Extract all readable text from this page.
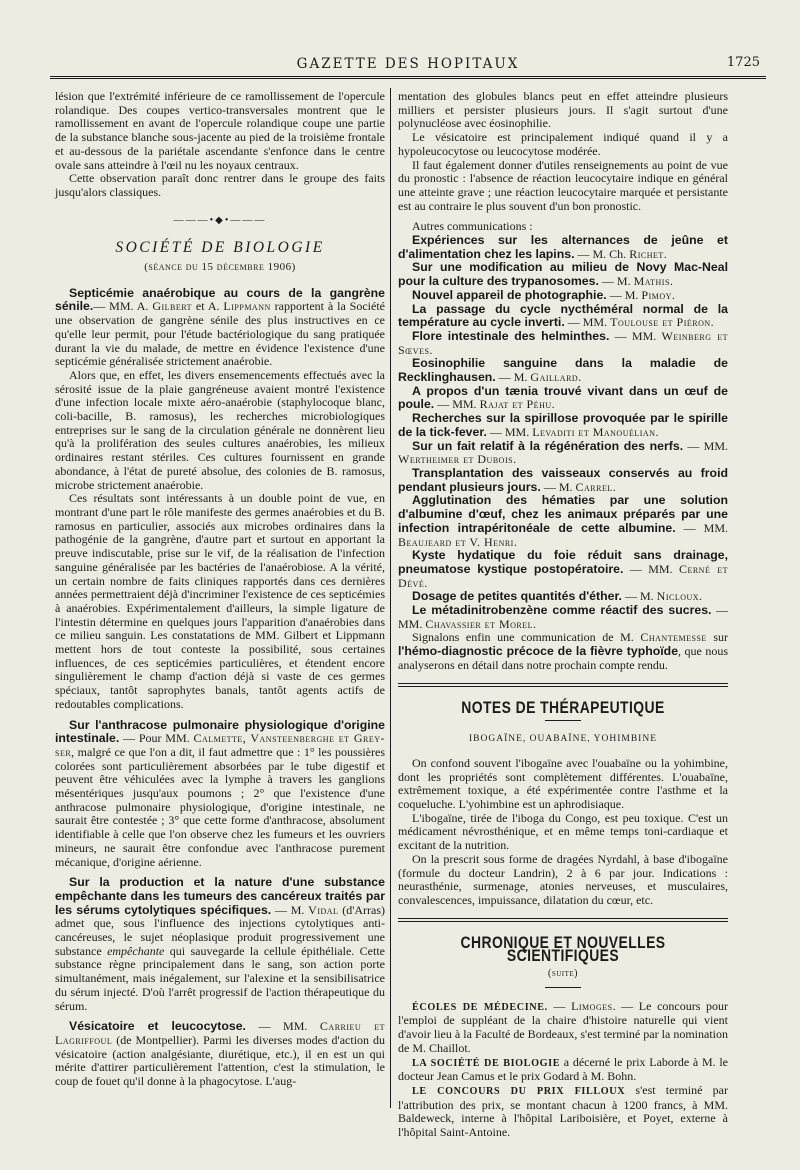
GAZETTE DES HOPITAUX	1725

lésion que l'extrémité inférieure de ce ramollissement de l'opercule rolandique. Des coupes vertico-transversales montrent que le ramollissement en avant de l'opercule rolandique coupe une partie de la substance blanche sous-jacente au pied de la troisième frontale et au-dessous de la pariétale ascendante s'enfonce dans le centre ovale sans atteindre à l'œil nu les noyaux centraux.

Cette observation paraît donc rentrer dans le groupe des faits jusqu'alors classiques.

———•◆•———
SOCIÉTÉ DE BIOLOGIE
(séance du 15 décembre 1906)

Septicémie anaérobique au cours de la gangrène sénile.— MM. A. Gilbert et A. Lippmann rapportent à la Société une observation de gangrène sénile des plus instructives en ce qu'elle leur permit, pour l'étude bactériologique du sang pratiquée durant la vie du malade, de mettre en évidence l'existence d'une septicémie généralisée strictement anaérobie.

Alors que, en effet, les divers ensemencements effectués avec la sérosité issue de la plaie gangréneuse avaient montré l'existence d'une infection locale mixte aéro-anaérobie (staphylocoque blanc, coli-bacille, B. ramosus), les recherches microbiologiques entreprises sur le sang de la circulation générale ne donnèrent lieu qu'à la prolifération des seules cultures anaérobies, les milieux ordinaires restant stériles. Ces cultures fournissent en grande abondance, à l'état de pureté absolue, des colonies de B. ramosus, microbe strictement anaérobie.

Ces résultats sont intéressants à un double point de vue, en montrant d'une part le rôle manifeste des germes anaérobies et du B. ramosus en particulier, associés aux microbes ordinaires dans la pathogénie de la gangrène, d'autre part et surtout en apportant la preuve indiscutable, prise sur le vif, de la réalisation de l'infection sanguine généralisée par les bactéries de l'anaérobiose. A la vérité, un certain nombre de faits cliniques rapportés dans ces dernières années permettraient déjà d'incriminer l'existence de ces septicémies à anaérobies. Expérimentalement d'ailleurs, la simple ligature de l'intestin détermine en quelques jours l'apparition d'anaérobies dans ce milieu sanguin. Les constatations de MM. Gilbert et Lippmann mettent hors de tout conteste la possibilité, sous certaines influences, de ces septicémies particulières, et étendent encore singulièrement le champ d'action déjà si vaste de ces germes spéciaux, tantôt saprophytes banals, tantôt agents actifs de redoutables complications.

Sur l'anthracose pulmonaire physiologique d'origine intestinale. — Pour MM. Calmette, Vansteenberghe et Grey-ser, malgré ce que l'on a dit, il faut admettre que : 1° les poussières colorées sont particulièrement absorbées par le tube digestif et peuvent être véhiculées avec la lymphe à travers les ganglions mésentériques jusqu'aux poumons ; 2° que l'existence d'une anthracose pulmonaire physiologique, d'origine intestinale, ne saurait être contestée ; 3° que cette forme d'anthracose, absolument identifiable à celle que l'on observe chez les fumeurs et les ouvriers mineurs, ne saurait être confondue avec l'anthracose purement mécanique, d'origine aérienne.

Sur la production et la nature d'une substance empêchante dans les tumeurs des cancéreux traités par les sérums cytolytiques spécifiques. — M. Vidal (d'Arras) admet que, sous l'influence des injections cytolytiques anti-cancéreuses, le sujet néoplasique produit progressivement une substance empêchante qui sauvegarde la cellule épithéliale. Cette substance règne principalement dans le sang, son action porte simultanément, mais inégalement, sur l'alexine et la sensibilisatrice du sérum injecté. D'où l'arrêt progressif de l'action thérapeutique du sérum.

Vésicatoire et leucocytose. — MM. Carrieu et Lagriffoul (de Montpellier). Parmi les diverses modes d'action du vésicatoire (action analgésiante, diurétique, etc.), il en est un qui mérite d'attirer particulièrement l'attention, c'est la stimulation, le coup de fouet qu'il donne à la phagocytose. L'aug-

mentation des globules blancs peut en effet atteindre plusieurs milliers et persister plusieurs jours. Il s'agit surtout d'une polynucléose avec éosinophilie.

Le vésicatoire est principalement indiqué quand il y a hypoleucocytose ou leucocytose modérée.

Il faut également donner d'utiles renseignements au point de vue du pronostic : l'absence de réaction leucocytaire indique en général une atteinte grave ; une réaction leucocytaire marquée et persistante est au contraire le plus souvent d'un bon pronostic.

Autres communications :

Expériences sur les alternances de jeûne et d'alimentation chez les lapins. — M. Ch. Richet.

Sur une modification au milieu de Novy Mac-Neal pour la culture des trypanosomes. — M. Mathis.

Nouvel appareil de photographie. — M. Pimoy.

La passage du cycle nycthéméral normal de la température au cycle inverti. — MM. Toulouse et Piéron.

Flore intestinale des helminthes. — MM. Weinberg et Sœves.

Eosinophilie sanguine dans la maladie de Recklinghausen. — M. Gaillard.

A propos d'un tænia trouvé vivant dans un œuf de poule. — MM. Rajat et Péhu.

Recherches sur la spirillose provoquée par le spirille de la tick-fever. — MM. Levaditi et Manouélian.

Sur un fait relatif à la régénération des nerfs. — MM. Wertheimer et Dubois.

Transplantation des vaisseaux conservés au froid pendant plusieurs jours. — M. Carrel.

Agglutination des hématies par une solution d'albumine d'œuf, chez les animaux préparés par une infection intrapéritonéale de cette albumine. — MM. Beaujeard et V. Henri.

Kyste hydatique du foie réduit sans drainage, pneumatose kystique postopératoire. — MM. Cerné et Dévé.

Dosage de petites quantités d'éther. — M. Nicloux.

Le métadinitrobenzène comme réactif des sucres. — MM. Chavassier et Morel.

Signalons enfin une communication de M. Chantemesse sur l'hémo-diagnostic précoce de la fièvre typhoïde, que nous analyserons en détail dans notre prochain compte rendu.

NOTES DE THÉRAPEUTIQUE
IBOGAÏNE, OUABAÏNE, YOHIMBINE

On confond souvent l'ibogaïne avec l'ouabaïne ou la yohimbine, dont les propriétés sont complètement différentes. L'ouabaïne, extrêmement toxique, a été expérimentée contre l'asthme et la coqueluche. L'yohimbine est un aphrodisiaque.

L'ibogaïne, tirée de l'iboga du Congo, est peu toxique. C'est un médicament névrosthénique, et en même temps toni-cardiaque et excitant de la nutrition.

On la prescrit sous forme de dragées Nyrdahl, à base d'ibogaïne (formule du docteur Landrin), 2 à 6 par jour. Indications : neurasthénie, surmenage, atonies nerveuses, et musculaires, convalescences, impuissance, dilatation du cœur, etc.

CHRONIQUE ET NOUVELLES SCIENTIFIQUES
(suite)

ÉCOLES DE MÉDECINE. — Limoges. — Le concours pour l'emploi de suppléant de la chaire d'histoire naturelle qui vient d'avoir lieu à la Faculté de Bordeaux, s'est terminé par la nomination de M. Chaillot.

LA SOCIÉTÉ DE BIOLOGIE a décerné le prix Laborde à M. le docteur Jean Camus et le prix Godard à M. Bohn.

LE CONCOURS DU PRIX FILLOUX s'est terminé par l'attribution des prix, se montant chacun à 1200 francs, à MM. Baldeweck, interne à l'hôpital Lariboisière, et Poyet, externe à l'hôpital Saint-Antoine.
